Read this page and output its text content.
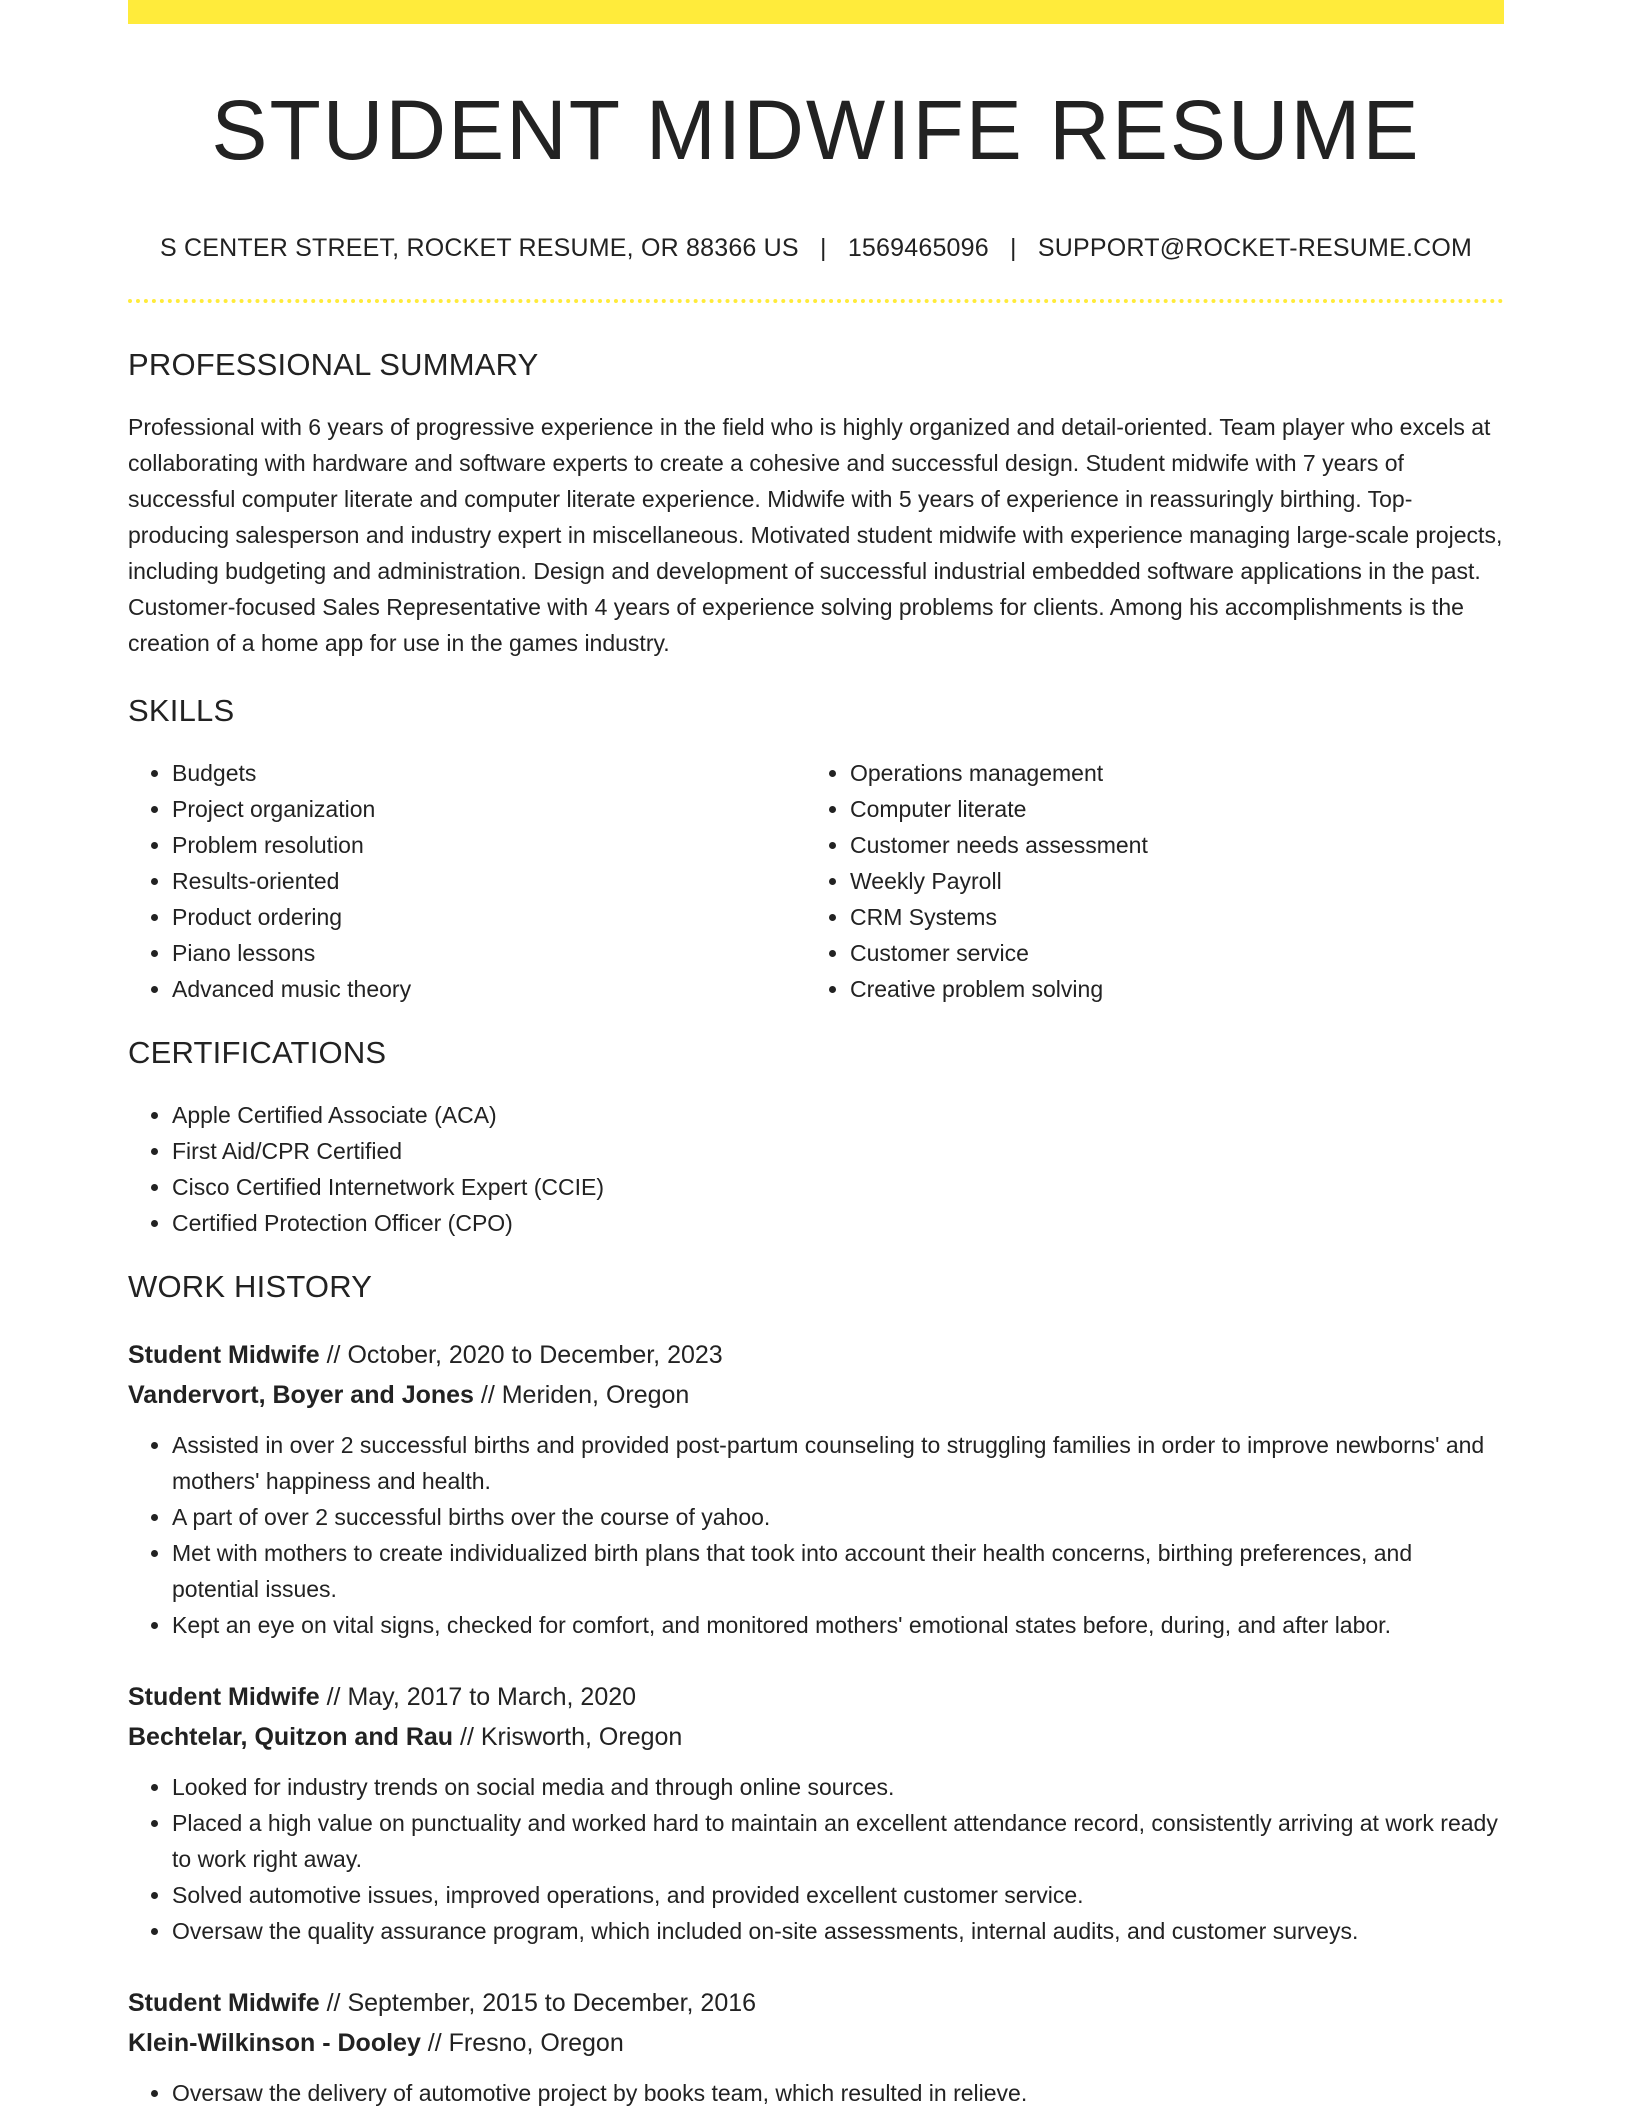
STUDENT MIDWIFE RESUME
S CENTER STREET, ROCKET RESUME, OR 88366 US | 1569465096 | SUPPORT@ROCKET-RESUME.COM
PROFESSIONAL SUMMARY

Professional with 6 years of progressive experience in the field who is highly organized and detail-oriented. Team player who excels at collaborating with hardware and software experts to create a cohesive and successful design. Student midwife with 7 years of successful computer literate and computer literate experience. Midwife with 5 years of experience in reassuringly birthing. Top-producing salesperson and industry expert in miscellaneous. Motivated student midwife with experience managing large-scale projects, including budgeting and administration. Design and development of successful industrial embedded software applications in the past. Customer-focused Sales Representative with 4 years of experience solving problems for clients. Among his accomplishments is the creation of a home app for use in the games industry.

SKILLS
• Budgets
• Project organization
• Problem resolution
• Results-oriented
• Product ordering
• Piano lessons
• Advanced music theory
• Operations management
• Computer literate
• Customer needs assessment
• Weekly Payroll
• CRM Systems
• Customer service
• Creative problem solving
CERTIFICATIONS
• Apple Certified Associate (ACA)
• First Aid/CPR Certified
• Cisco Certified Internetwork Expert (CCIE)
• Certified Protection Officer (CPO)
WORK HISTORY
Student Midwife // October, 2020 to December, 2023
Vandervort, Boyer and Jones // Meriden, Oregon
• Assisted in over 2 successful births and provided post-partum counseling to struggling families in order to improve newborns' and mothers' happiness and health.
• A part of over 2 successful births over the course of yahoo.
• Met with mothers to create individualized birth plans that took into account their health concerns, birthing preferences, and potential issues.
• Kept an eye on vital signs, checked for comfort, and monitored mothers' emotional states before, during, and after labor.
Student Midwife // May, 2017 to March, 2020
Bechtelar, Quitzon and Rau // Krisworth, Oregon
• Looked for industry trends on social media and through online sources.
• Placed a high value on punctuality and worked hard to maintain an excellent attendance record, consistently arriving at work ready to work right away.
• Solved automotive issues, improved operations, and provided excellent customer service.
• Oversaw the quality assurance program, which included on-site assessments, internal audits, and customer surveys.
Student Midwife // September, 2015 to December, 2016
Klein-Wilkinson - Dooley // Fresno, Oregon
• Oversaw the delivery of automotive project by books team, which resulted in relieve.
